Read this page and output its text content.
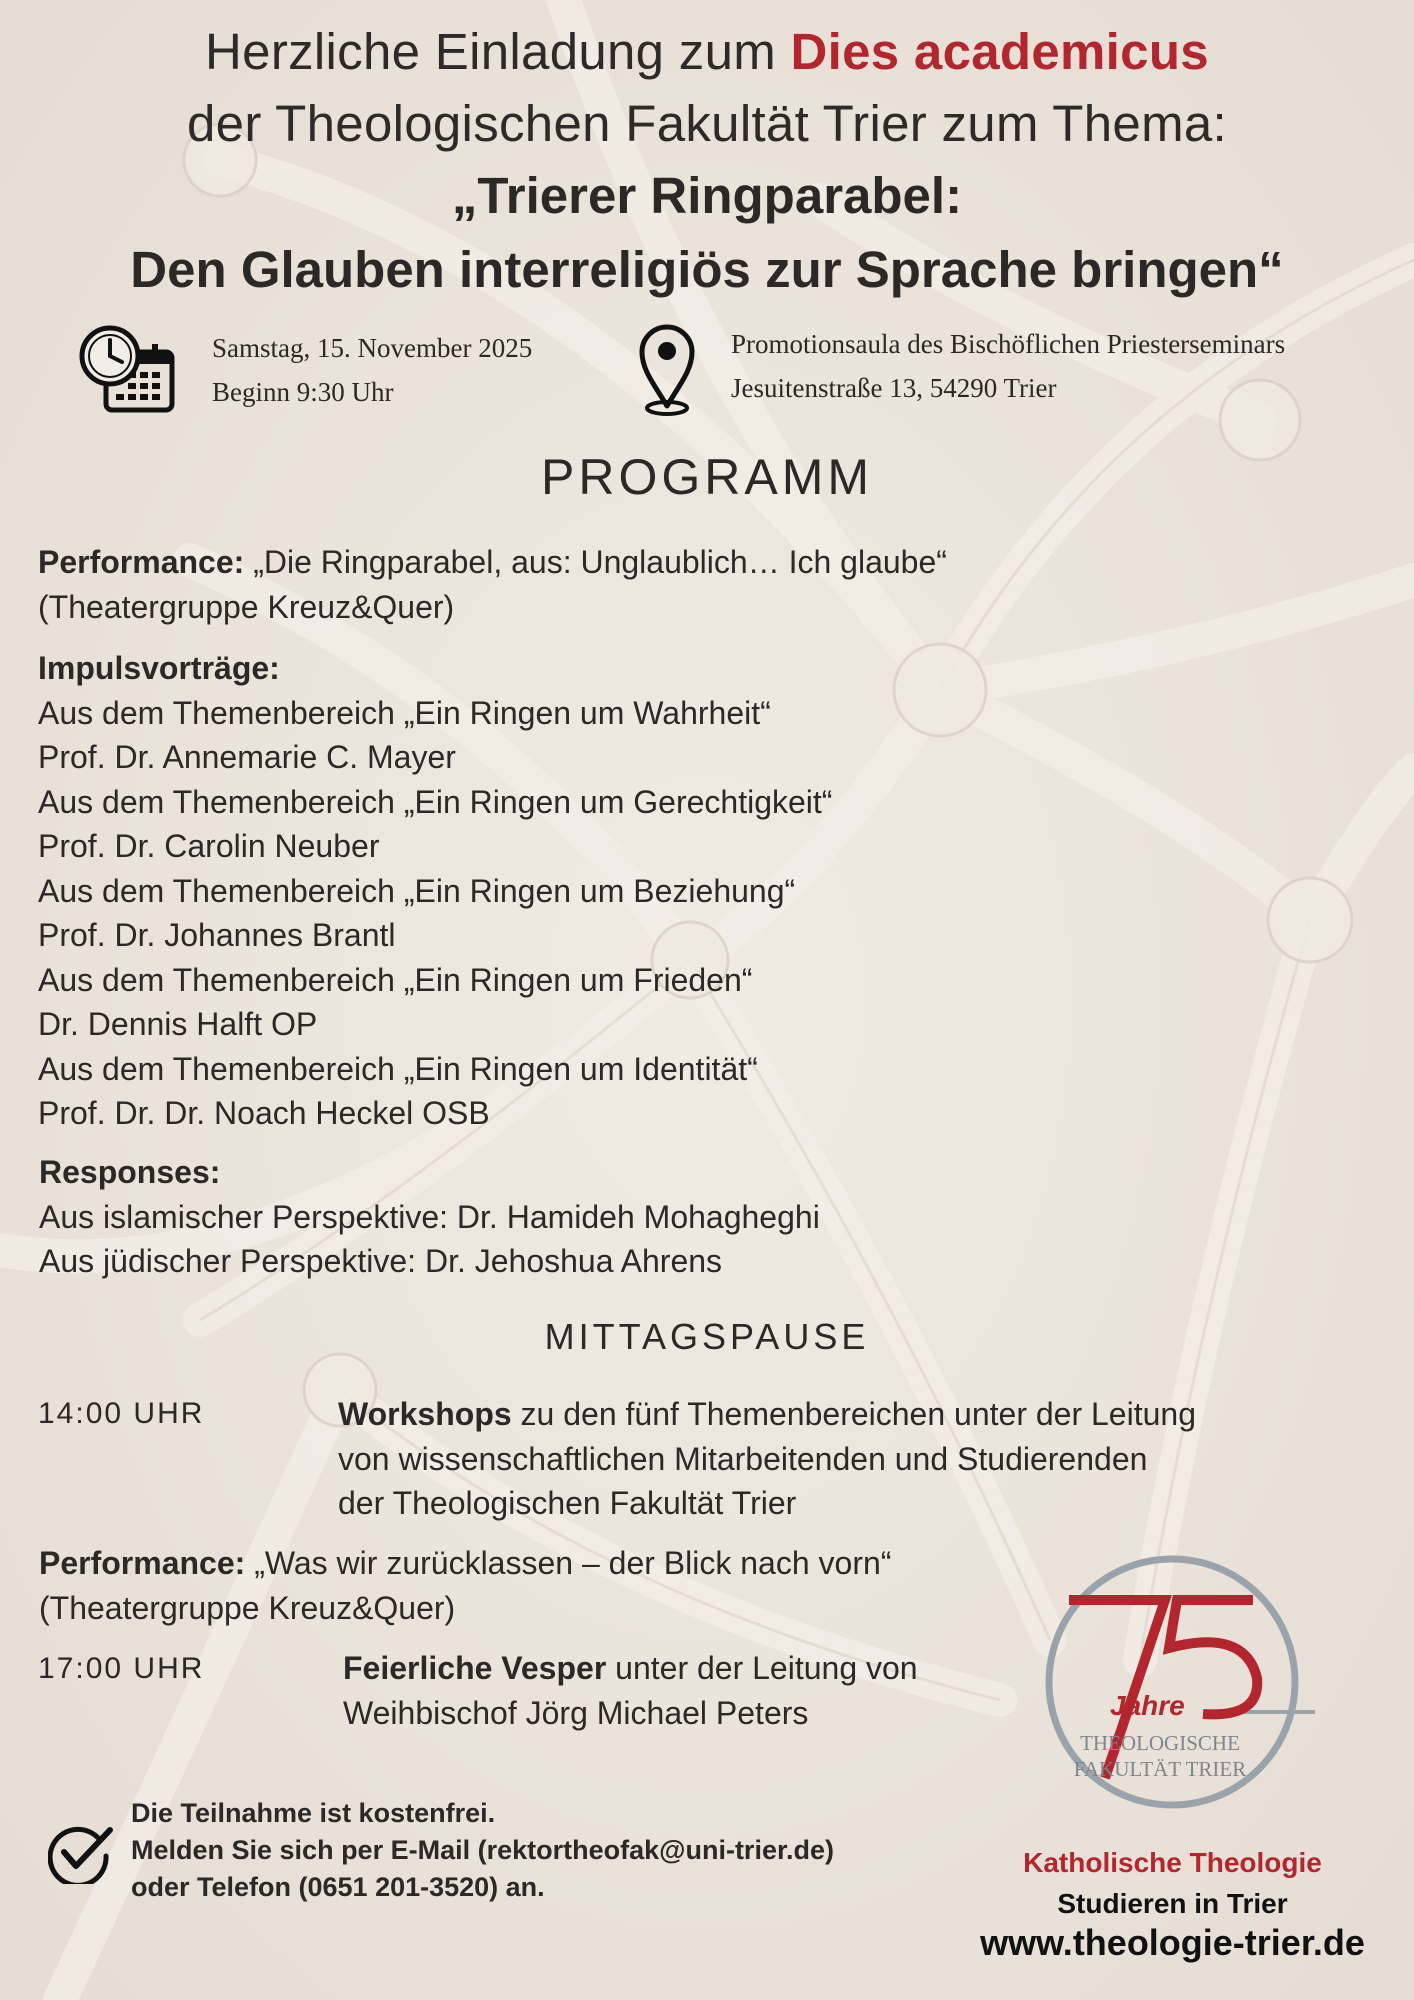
Herzliche Einladung zum Dies academicus
der Theologischen Fakultät Trier zum Thema:
„Trierer Ringparabel:
Den Glauben interreligiös zur Sprache bringen“
Samstag, 15. November 2025
Beginn 9:30 Uhr
Promotionsaula des Bischöflichen Priesterseminars
Jesuitenstraße 13, 54290 Trier
PROGRAMM
Performance: „Die Ringparabel, aus: Unglaublich… Ich glaube“
(Theatergruppe Kreuz&Quer)
Impulsvorträge:
Aus dem Themenbereich „Ein Ringen um Wahrheit“
Prof. Dr. Annemarie C. Mayer
Aus dem Themenbereich „Ein Ringen um Gerechtigkeit“
Prof. Dr. Carolin Neuber
Aus dem Themenbereich „Ein Ringen um Beziehung“
Prof. Dr. Johannes Brantl
Aus dem Themenbereich „Ein Ringen um Frieden“
Dr. Dennis Halft OP
Aus dem Themenbereich „Ein Ringen um Identität“
Prof. Dr. Dr. Noach Heckel OSB
Responses:
Aus islamischer Perspektive: Dr. Hamideh Mohagheghi
Aus jüdischer Perspektive: Dr. Jehoshua Ahrens
MITTAGSPAUSE
14:00 UHR	Workshops zu den fünf Themenbereichen unter der Leitung
von wissenschaftlichen Mitarbeitenden und Studierenden
der Theologischen Fakultät Trier
Performance: „Was wir zurücklassen – der Blick nach vorn“
(Theatergruppe Kreuz&Quer)
17:00 UHR	Feierliche Vesper unter der Leitung von
Weihbischof Jörg Michael Peters	Jahre
THEOLOGISCHE
FAKULTÄT TRIER
Die Teilnahme ist kostenfrei.
Melden Sie sich per E-Mail (rektortheofak@uni-trier.de)
oder Telefon (0651 201-3520) an.
Katholische Theologie
Studieren in Trier
www.theologie-trier.de
